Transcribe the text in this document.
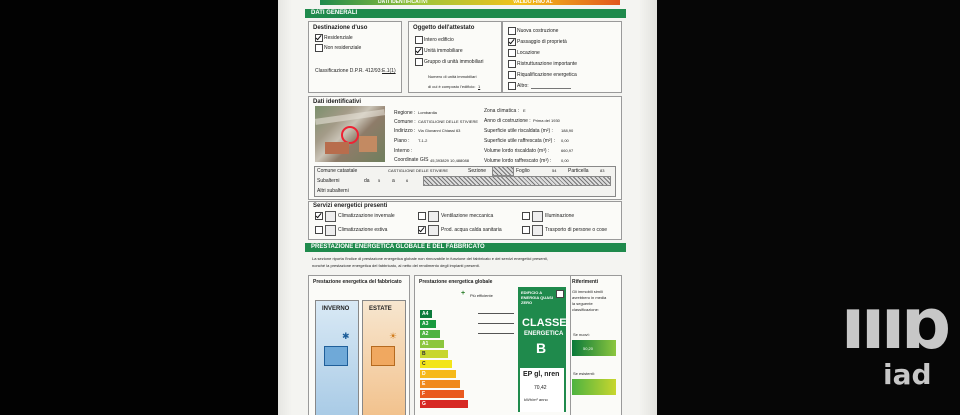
DATI IDENTIFICATIVI	VALIDO FINO AL
DATI GENERALI
Destinazione d'uso
Residenziale
Non residenziale
Classificazione D.P.R. 412/93: E.1(1)
Oggetto dell'attestato
Intero edificio
Unità immobiliare
Gruppo di unità immobiliari
Numero di unità immobiliari
di cui è composto l'edificio: 1
Nuova costruzione
Passaggio di proprietà
Locazione
Ristrutturazione importante
Riqualificazione energetica
Altro:
Dati identificativi
Regione : Lombardia
Comune : CASTIGLIONE DELLE STIVIERE
Indirizzo : Via Giovanni Chiassi 63
Piano : T-1-2
Interno :
Coordinate GIS 45,393829 10,488088
Zona climatica : E
Anno di costruzione : Prima del 1930
Superficie utile riscaldata (m²) : 188,90
Superficie utile raffrescata (m²) : 0,00
Volume lordo riscaldato (m³) :	660,97
Volume lordo raffrescato (m³) : 0,00
Comune catastale	CASTIGLIONE DELLE STIVIERE	Sezione	Foglio	54 Particella	83
Subalterni	da 5 a	6
Altri subalterni
Servizi energetici presenti
Climatizzazione invernale
Climatizzazione estiva
Ventilazione meccanica
Prod. acqua calda sanitaria
Illuminazione
Trasporto di persone o cose
PRESTAZIONE ENERGETICA GLOBALE E DEL FABBRICATO
La sezione riporta l'indice di prestazione energetica globale non rinnovabile in funzione del fabbricato e dei servizi energetici presenti,
nonché la prestazione energetica del fabbricato, al netto del rendimento degli impianti presenti.
Prestazione energetica del fabbricato
INVERNO
✱
ESTATE
☀
Prestazione energetica globale
+ Più efficiente
A4
A3
A2
A1
B
C
D
E
F
G
EDIFICIO A ENERGIA QUASI ZERO
CLASSE
ENERGETICA
B
EP gl, nren
70,42
kWh/m² anno
Riferimenti
Gli immobili simili
avrebbero in media
la seguente
classificazione:
Se nuovi:
50,20
Se esistenti:
ıııɒ
iad
